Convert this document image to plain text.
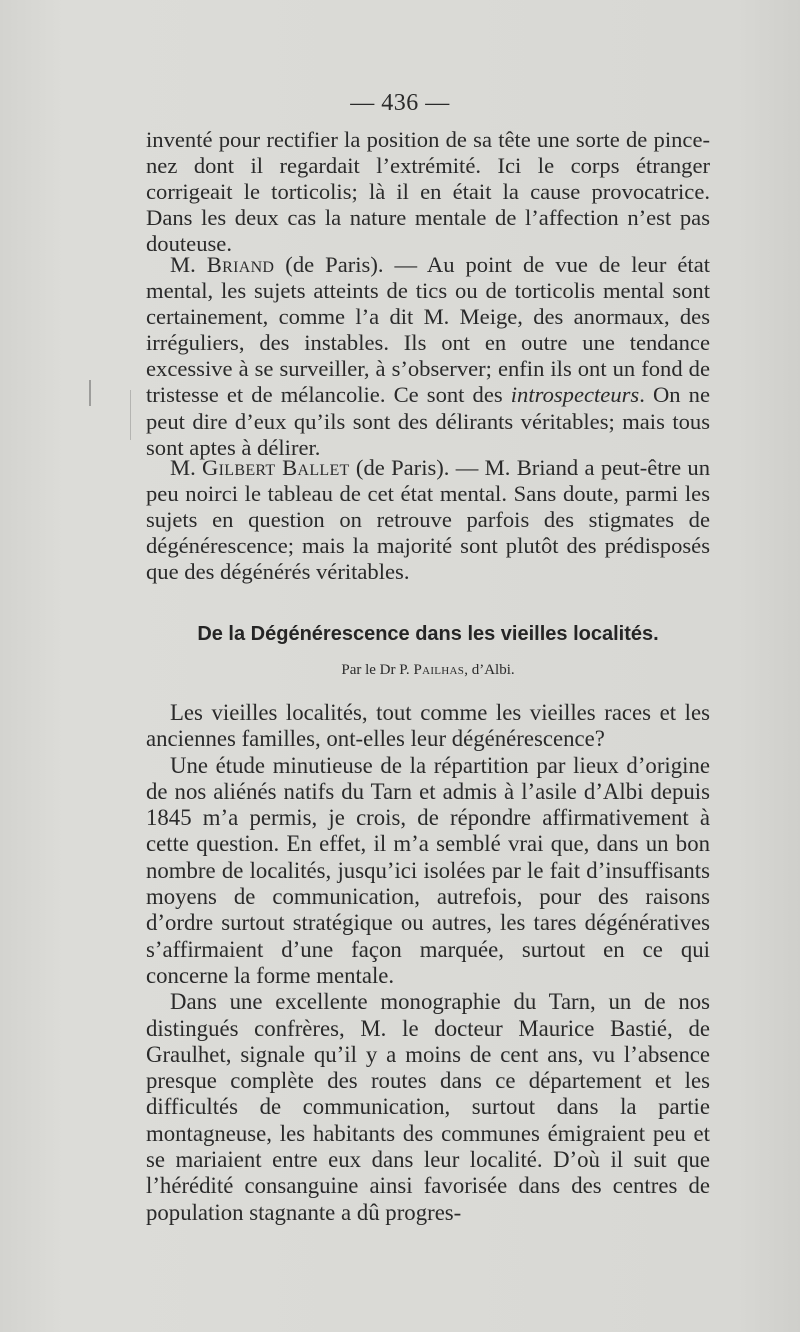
— 436 —

inventé pour rectifier la position de sa tête une sorte de pince-nez dont il regardait l’extrémité. Ici le corps étranger corrigeait le torticolis; là il en était la cause provocatrice. Dans les deux cas la nature mentale de l’affection n’est pas douteuse.

M. Briand (de Paris). — Au point de vue de leur état mental, les sujets atteints de tics ou de torticolis mental sont certainement, comme l’a dit M. Meige, des anormaux, des irréguliers, des instables. Ils ont en outre une tendance excessive à se surveiller, à s’observer; enfin ils ont un fond de tristesse et de mélancolie. Ce sont des introspecteurs. On ne peut dire d’eux qu’ils sont des délirants véritables; mais tous sont aptes à délirer.

M. Gilbert Ballet (de Paris). — M. Briand a peut-être un peu noirci le tableau de cet état mental. Sans doute, parmi les sujets en question on retrouve parfois des stigmates de dégénérescence; mais la majorité sont plutôt des prédisposés que des dégénérés véritables.

De la Dégénérescence dans les vieilles localités.
Par le Dr P. Pailhas, d’Albi.

Les vieilles localités, tout comme les vieilles races et les anciennes familles, ont-elles leur dégénérescence?

Une étude minutieuse de la répartition par lieux d’origine de nos aliénés natifs du Tarn et admis à l’asile d’Albi depuis 1845 m’a permis, je crois, de répondre affirmativement à cette question. En effet, il m’a semblé vrai que, dans un bon nombre de localités, jusqu’ici isolées par le fait d’insuffisants moyens de communication, autrefois, pour des raisons d’ordre surtout stratégique ou autres, les tares dégénératives s’affirmaient d’une façon marquée, surtout en ce qui concerne la forme mentale.

Dans une excellente monographie du Tarn, un de nos distingués confrères, M. le docteur Maurice Bastié, de Graulhet, signale qu’il y a moins de cent ans, vu l’absence presque complète des routes dans ce département et les difficultés de communication, surtout dans la partie montagneuse, les habitants des communes émigraient peu et se mariaient entre eux dans leur localité. D’où il suit que l’hérédité consanguine ainsi favorisée dans des centres de population stagnante a dû progres-
